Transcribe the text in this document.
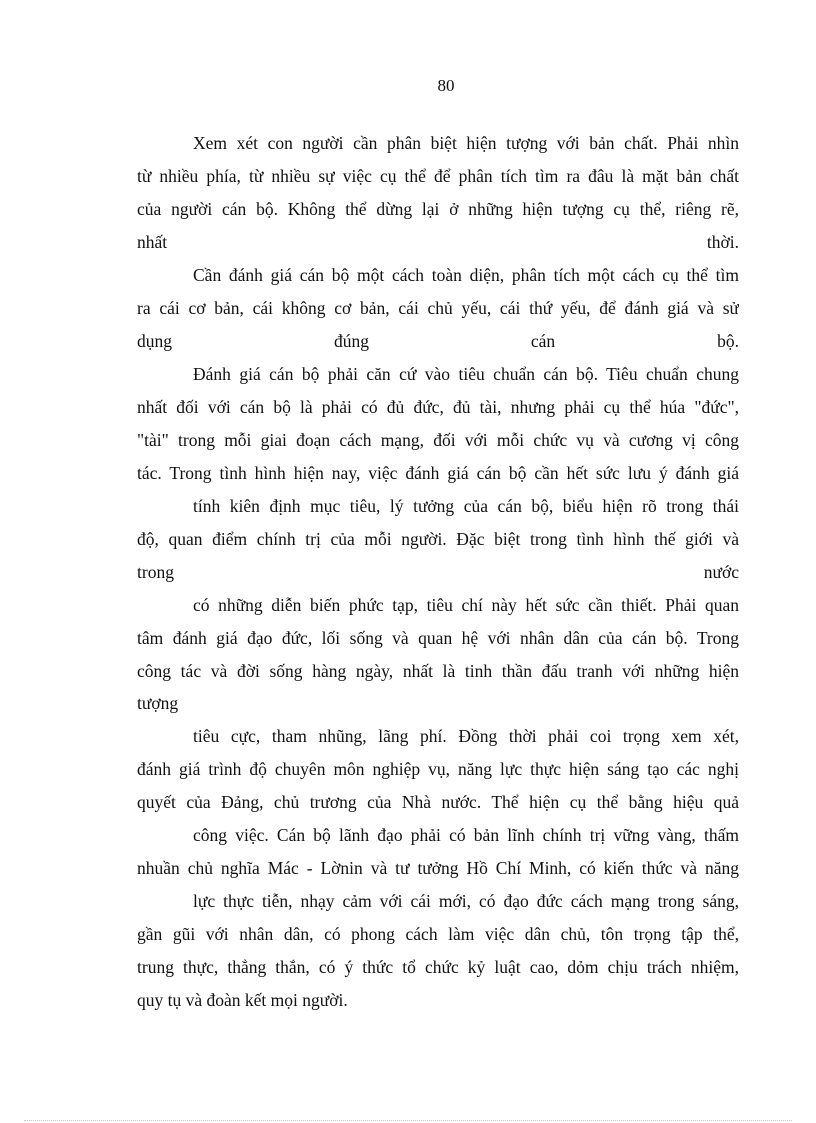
80
Xem xét con người cần phân biệt hiện tượng với bản chất. Phải nhìn
từ nhiều phía, từ nhiều sự việc cụ thể để phân tích tìm ra đâu là mặt bản chất
của người cán bộ. Không thể dừng lại ở những hiện tượng cụ thể, riêng rẽ,
nhất thời.
Cần đánh giá cán bộ một cách toàn diện, phân tích một cách cụ thể tìm
ra cái cơ bản, cái không cơ bản, cái chủ yếu, cái thứ yếu, để đánh giá và sử
dụng đúng cán bộ.
Đánh giá cán bộ phải căn cứ vào tiêu chuẩn cán bộ. Tiêu chuẩn chung
nhất đối với cán bộ là phải có đủ đức, đủ tài, nhưng phải cụ thể húa "đức",
"tài" trong mỗi giai đoạn cách mạng, đối với mỗi chức vụ và cương vị công
tác. Trong tình hình hiện nay, việc đánh giá cán bộ cần hết sức lưu ý đánh giá
tính kiên định mục tiêu, lý tưởng của cán bộ, biểu hiện rõ trong thái
độ, quan điểm chính trị của mỗi người. Đặc biệt trong tình hình thế giới và
trong nước
có những diễn biến phức tạp, tiêu chí này hết sức cần thiết. Phải quan
tâm đánh giá đạo đức, lối sống và quan hệ với nhân dân của cán bộ. Trong
công tác và đời sống hàng ngày, nhất là tinh thần đấu tranh với những hiện
tượng
tiêu cực, tham nhũng, lãng phí. Đồng thời phải coi trọng xem xét,
đánh giá trình độ chuyên môn nghiệp vụ, năng lực thực hiện sáng tạo các nghị
quyết của Đảng, chủ trương của Nhà nước. Thể hiện cụ thể bằng hiệu quả
công việc. Cán bộ lãnh đạo phải có bản lĩnh chính trị vững vàng, thấm
nhuần chủ nghĩa Mác - Lờnin và tư tưởng Hồ Chí Minh, có kiến thức và năng
lực thực tiễn, nhạy cảm với cái mới, có đạo đức cách mạng trong sáng,
gần gũi với nhân dân, có phong cách làm việc dân chủ, tôn trọng tập thể,
trung thực, thẳng thắn, có ý thức tổ chức kỷ luật cao, dỏm chịu trách nhiệm,
quy tụ và đoàn kết mọi người.
